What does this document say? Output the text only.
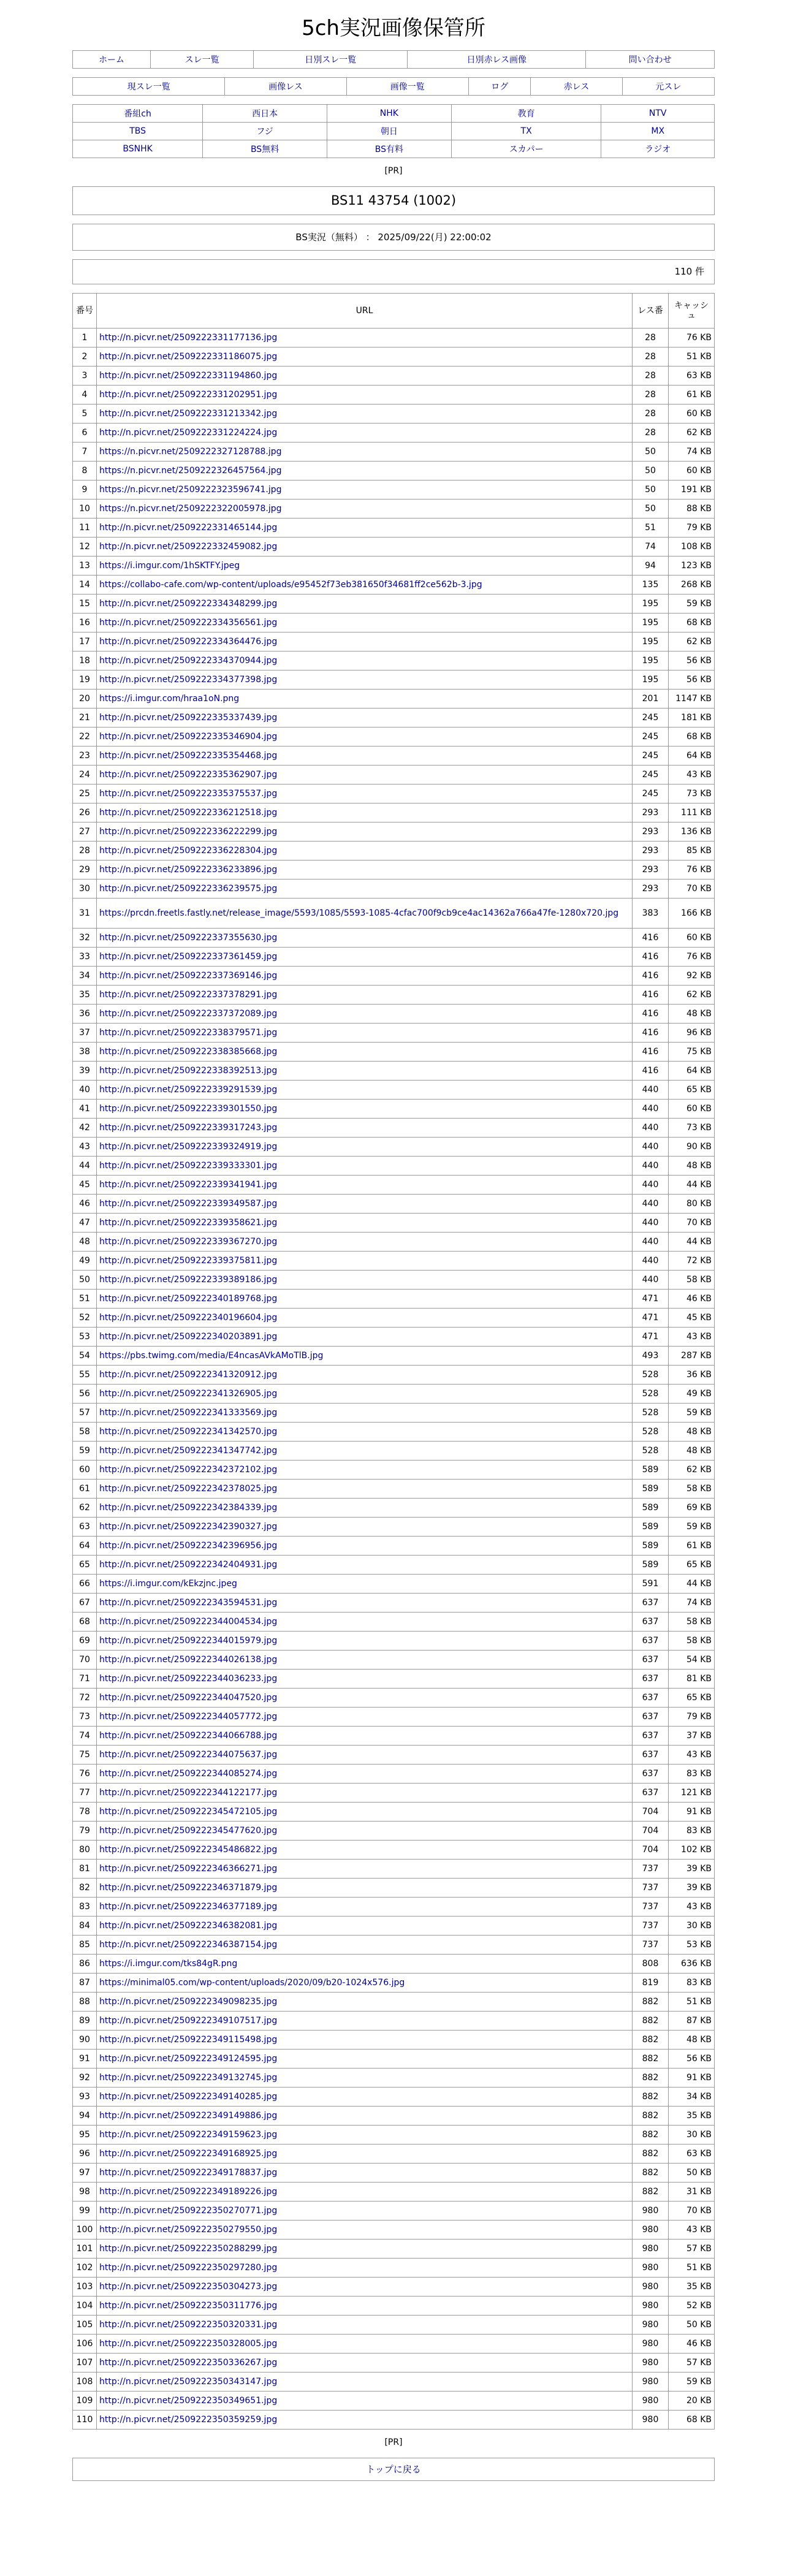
5ch実況画像保管所
ホーム	スレ一覧	日別スレ一覧	日別赤レス画像	問い合わせ
現スレ一覧	画像レス	画像一覧	ログ	赤レス	元スレ
番組ch	西日本	NHK	教育	NTV
TBS	フジ	朝日	TX	MX
BSNHK	BS無料	BS有料	スカパー	ラジオ
[PR]
BS11 43754 (1002)
BS実況（無料） ： 2025/09/22(月) 22:00:02
110 件
番号	URL	レス番	キャッシュ
1	http://n.picvr.net/2509222331177136.jpg	28	76 KB
2	http://n.picvr.net/2509222331186075.jpg	28	51 KB
3	http://n.picvr.net/2509222331194860.jpg	28	63 KB
4	http://n.picvr.net/2509222331202951.jpg	28	61 KB
5	http://n.picvr.net/2509222331213342.jpg	28	60 KB
6	http://n.picvr.net/2509222331224224.jpg	28	62 KB
7	https://n.picvr.net/2509222327128788.jpg	50	74 KB
8	https://n.picvr.net/2509222326457564.jpg	50	60 KB
9	https://n.picvr.net/2509222323596741.jpg	50	191 KB
10	https://n.picvr.net/2509222322005978.jpg	50	88 KB
11	http://n.picvr.net/2509222331465144.jpg	51	79 KB
12	http://n.picvr.net/2509222332459082.jpg	74	108 KB
13	https://i.imgur.com/1hSKTFY.jpeg	94	123 KB
14	https://collabo-cafe.com/wp-content/uploads/e95452f73eb381650f34681ff2ce562b-3.jpg	135	268 KB
15	http://n.picvr.net/2509222334348299.jpg	195	59 KB
16	http://n.picvr.net/2509222334356561.jpg	195	68 KB
17	http://n.picvr.net/2509222334364476.jpg	195	62 KB
18	http://n.picvr.net/2509222334370944.jpg	195	56 KB
19	http://n.picvr.net/2509222334377398.jpg	195	56 KB
20	https://i.imgur.com/hraa1oN.png	201	1147 KB
21	http://n.picvr.net/2509222335337439.jpg	245	181 KB
22	http://n.picvr.net/2509222335346904.jpg	245	68 KB
23	http://n.picvr.net/2509222335354468.jpg	245	64 KB
24	http://n.picvr.net/2509222335362907.jpg	245	43 KB
25	http://n.picvr.net/2509222335375537.jpg	245	73 KB
26	http://n.picvr.net/2509222336212518.jpg	293	111 KB
27	http://n.picvr.net/2509222336222299.jpg	293	136 KB
28	http://n.picvr.net/2509222336228304.jpg	293	85 KB
29	http://n.picvr.net/2509222336233896.jpg	293	76 KB
30	http://n.picvr.net/2509222336239575.jpg	293	70 KB
31	https://prcdn.freetls.fastly.net/release_image/5593/1085/5593-1085-4cfac700f9cb9ce4ac14362a766a47fe-1280x720.jpg	383	166 KB
32	http://n.picvr.net/2509222337355630.jpg	416	60 KB
33	http://n.picvr.net/2509222337361459.jpg	416	76 KB
34	http://n.picvr.net/2509222337369146.jpg	416	92 KB
35	http://n.picvr.net/2509222337378291.jpg	416	62 KB
36	http://n.picvr.net/2509222337372089.jpg	416	48 KB
37	http://n.picvr.net/2509222338379571.jpg	416	96 KB
38	http://n.picvr.net/2509222338385668.jpg	416	75 KB
39	http://n.picvr.net/2509222338392513.jpg	416	64 KB
40	http://n.picvr.net/2509222339291539.jpg	440	65 KB
41	http://n.picvr.net/2509222339301550.jpg	440	60 KB
42	http://n.picvr.net/2509222339317243.jpg	440	73 KB
43	http://n.picvr.net/2509222339324919.jpg	440	90 KB
44	http://n.picvr.net/2509222339333301.jpg	440	48 KB
45	http://n.picvr.net/2509222339341941.jpg	440	44 KB
46	http://n.picvr.net/2509222339349587.jpg	440	80 KB
47	http://n.picvr.net/2509222339358621.jpg	440	70 KB
48	http://n.picvr.net/2509222339367270.jpg	440	44 KB
49	http://n.picvr.net/2509222339375811.jpg	440	72 KB
50	http://n.picvr.net/2509222339389186.jpg	440	58 KB
51	http://n.picvr.net/2509222340189768.jpg	471	46 KB
52	http://n.picvr.net/2509222340196604.jpg	471	45 KB
53	http://n.picvr.net/2509222340203891.jpg	471	43 KB
54	https://pbs.twimg.com/media/E4ncasAVkAMoTlB.jpg	493	287 KB
55	http://n.picvr.net/2509222341320912.jpg	528	36 KB
56	http://n.picvr.net/2509222341326905.jpg	528	49 KB
57	http://n.picvr.net/2509222341333569.jpg	528	59 KB
58	http://n.picvr.net/2509222341342570.jpg	528	48 KB
59	http://n.picvr.net/2509222341347742.jpg	528	48 KB
60	http://n.picvr.net/2509222342372102.jpg	589	62 KB
61	http://n.picvr.net/2509222342378025.jpg	589	58 KB
62	http://n.picvr.net/2509222342384339.jpg	589	69 KB
63	http://n.picvr.net/2509222342390327.jpg	589	59 KB
64	http://n.picvr.net/2509222342396956.jpg	589	61 KB
65	http://n.picvr.net/2509222342404931.jpg	589	65 KB
66	https://i.imgur.com/kEkzjnc.jpeg	591	44 KB
67	http://n.picvr.net/2509222343594531.jpg	637	74 KB
68	http://n.picvr.net/2509222344004534.jpg	637	58 KB
69	http://n.picvr.net/2509222344015979.jpg	637	58 KB
70	http://n.picvr.net/2509222344026138.jpg	637	54 KB
71	http://n.picvr.net/2509222344036233.jpg	637	81 KB
72	http://n.picvr.net/2509222344047520.jpg	637	65 KB
73	http://n.picvr.net/2509222344057772.jpg	637	79 KB
74	http://n.picvr.net/2509222344066788.jpg	637	37 KB
75	http://n.picvr.net/2509222344075637.jpg	637	43 KB
76	http://n.picvr.net/2509222344085274.jpg	637	83 KB
77	http://n.picvr.net/2509222344122177.jpg	637	121 KB
78	http://n.picvr.net/2509222345472105.jpg	704	91 KB
79	http://n.picvr.net/2509222345477620.jpg	704	83 KB
80	http://n.picvr.net/2509222345486822.jpg	704	102 KB
81	http://n.picvr.net/2509222346366271.jpg	737	39 KB
82	http://n.picvr.net/2509222346371879.jpg	737	39 KB
83	http://n.picvr.net/2509222346377189.jpg	737	43 KB
84	http://n.picvr.net/2509222346382081.jpg	737	30 KB
85	http://n.picvr.net/2509222346387154.jpg	737	53 KB
86	https://i.imgur.com/tks84gR.png	808	636 KB
87	https://minimal05.com/wp-content/uploads/2020/09/b20-1024x576.jpg	819	83 KB
88	http://n.picvr.net/2509222349098235.jpg	882	51 KB
89	http://n.picvr.net/2509222349107517.jpg	882	87 KB
90	http://n.picvr.net/2509222349115498.jpg	882	48 KB
91	http://n.picvr.net/2509222349124595.jpg	882	56 KB
92	http://n.picvr.net/2509222349132745.jpg	882	91 KB
93	http://n.picvr.net/2509222349140285.jpg	882	34 KB
94	http://n.picvr.net/2509222349149886.jpg	882	35 KB
95	http://n.picvr.net/2509222349159623.jpg	882	30 KB
96	http://n.picvr.net/2509222349168925.jpg	882	63 KB
97	http://n.picvr.net/2509222349178837.jpg	882	50 KB
98	http://n.picvr.net/2509222349189226.jpg	882	31 KB
99	http://n.picvr.net/2509222350270771.jpg	980	70 KB
100	http://n.picvr.net/2509222350279550.jpg	980	43 KB
101	http://n.picvr.net/2509222350288299.jpg	980	57 KB
102	http://n.picvr.net/2509222350297280.jpg	980	51 KB
103	http://n.picvr.net/2509222350304273.jpg	980	35 KB
104	http://n.picvr.net/2509222350311776.jpg	980	52 KB
105	http://n.picvr.net/2509222350320331.jpg	980	50 KB
106	http://n.picvr.net/2509222350328005.jpg	980	46 KB
107	http://n.picvr.net/2509222350336267.jpg	980	57 KB
108	http://n.picvr.net/2509222350343147.jpg	980	59 KB
109	http://n.picvr.net/2509222350349651.jpg	980	20 KB
110	http://n.picvr.net/2509222350359259.jpg	980	68 KB
[PR]
トップに戻る
